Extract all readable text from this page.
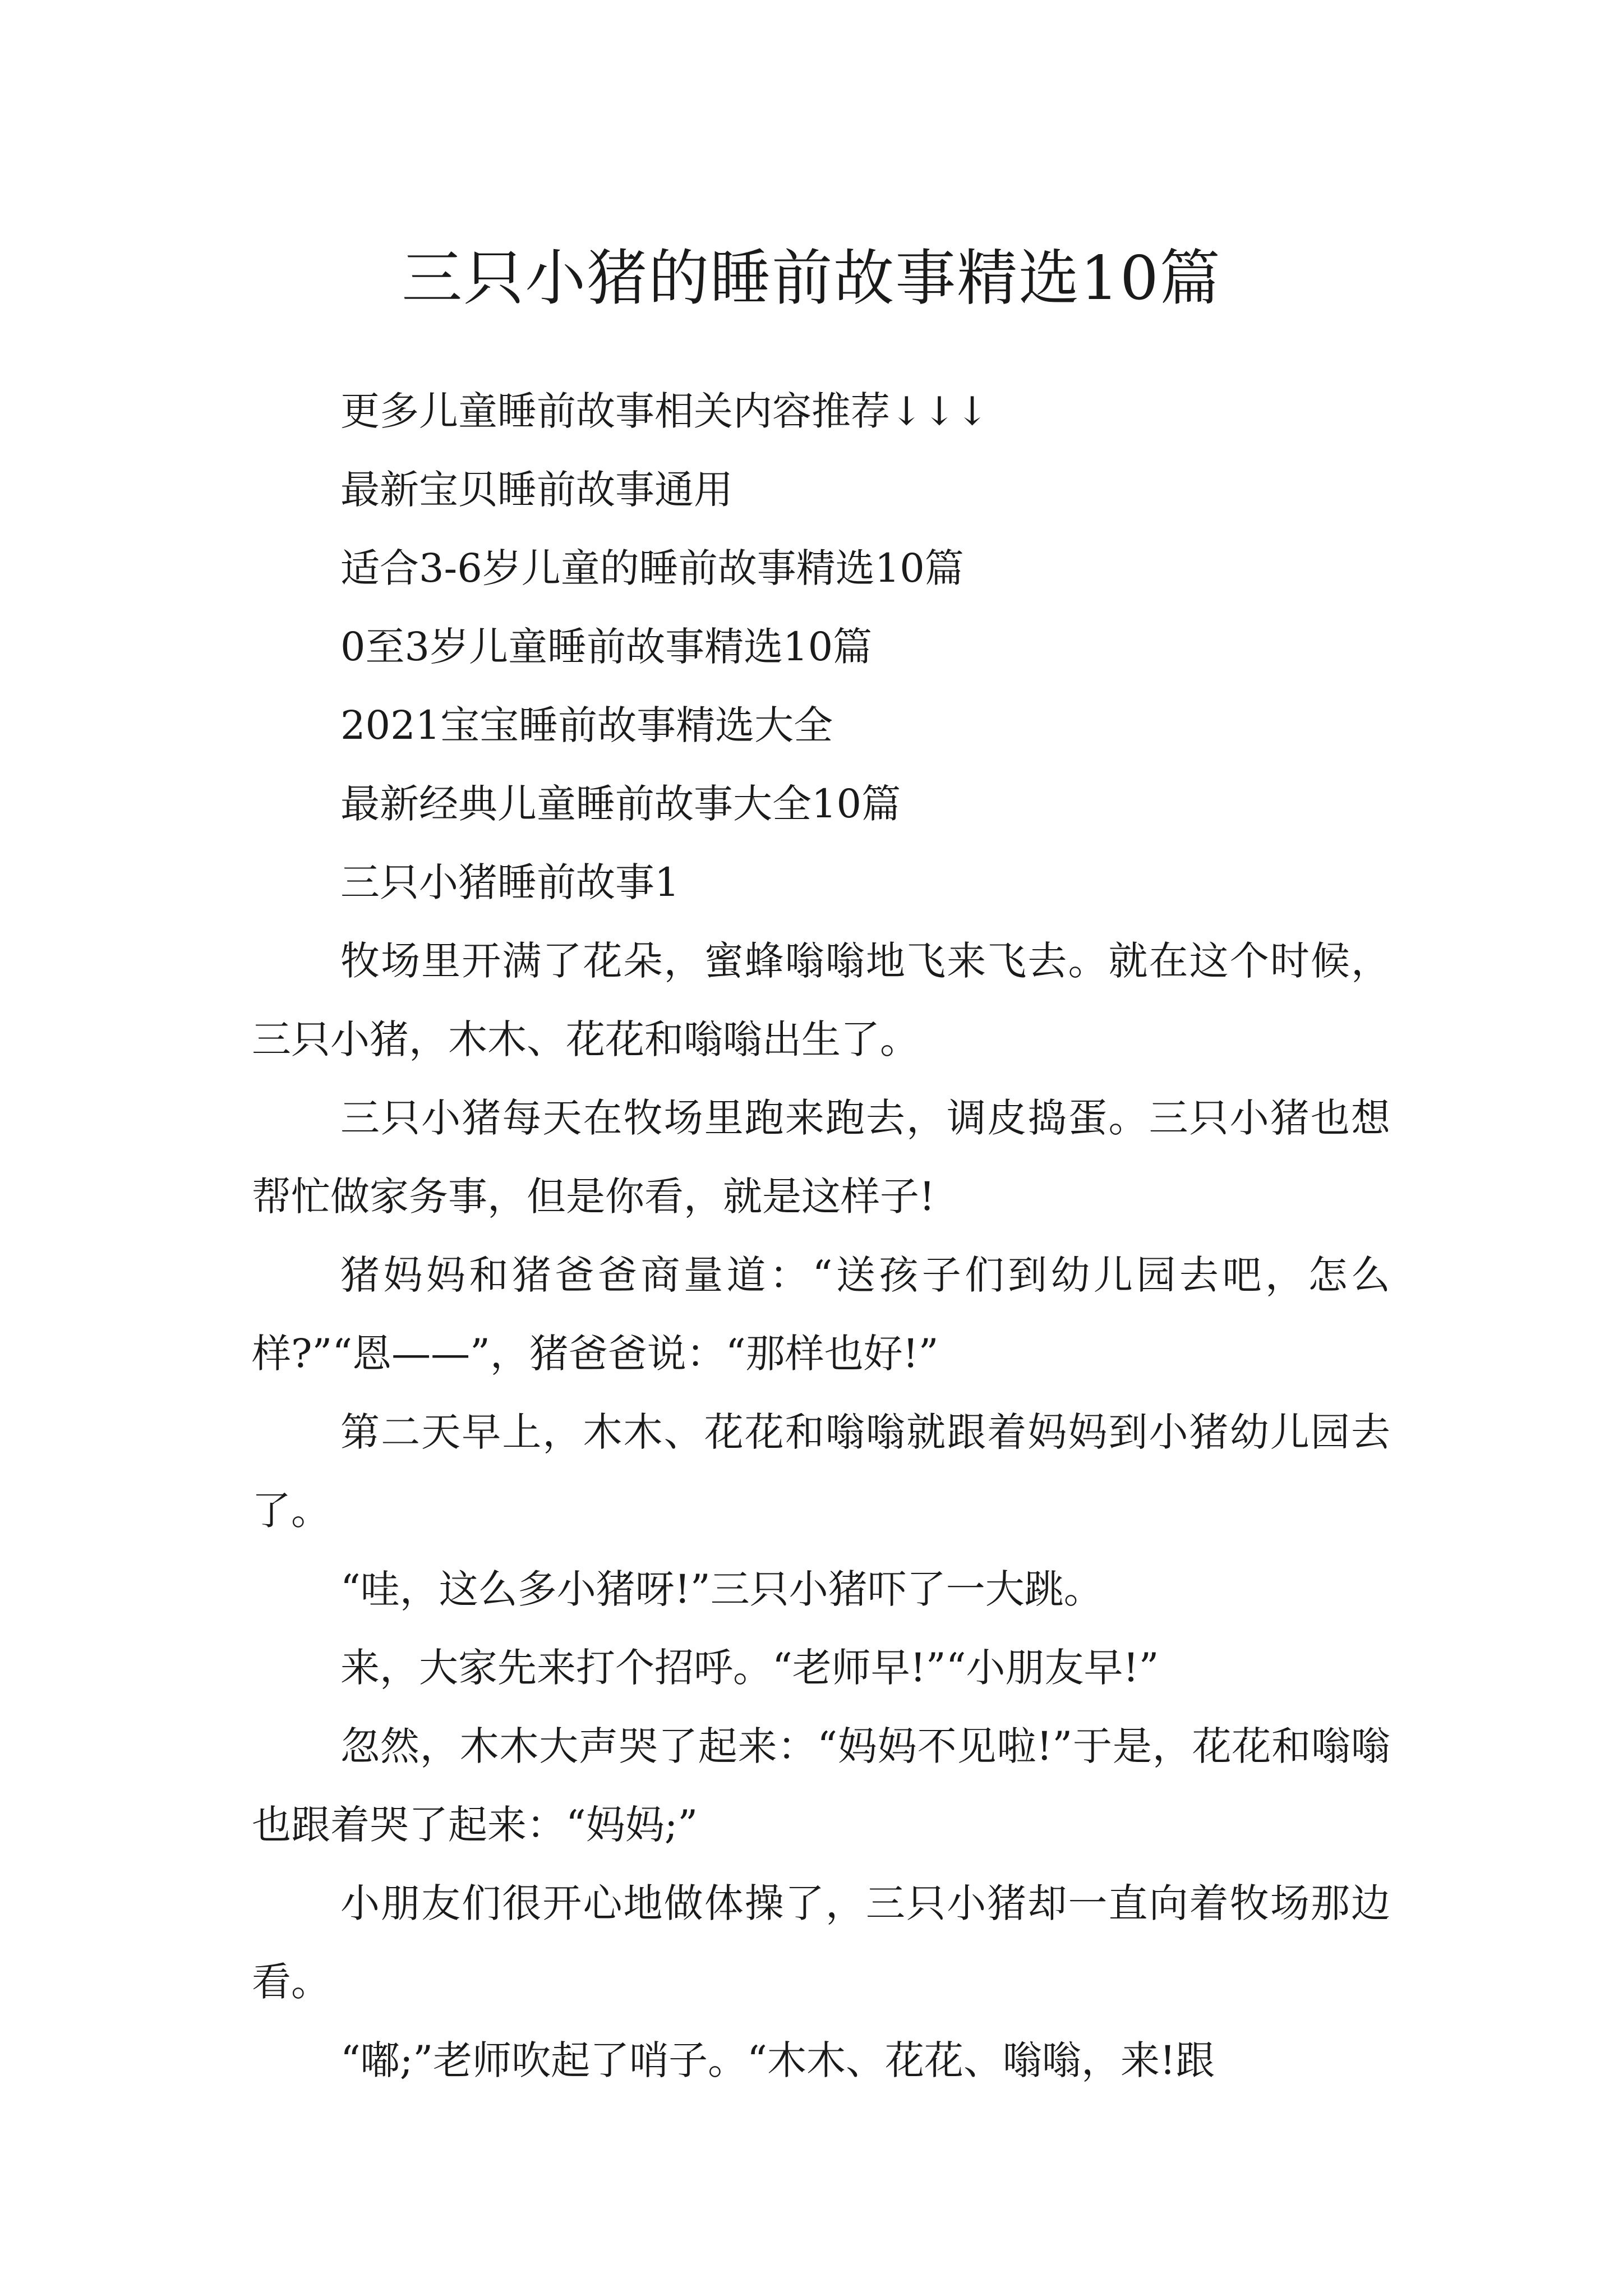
三只小猪的睡前故事精选10篇

更多儿童睡前故事相关内容推荐↓↓↓

最新宝贝睡前故事通用

适合3-6岁儿童的睡前故事精选10篇

0至3岁儿童睡前故事精选10篇

2021宝宝睡前故事精选大全

最新经典儿童睡前故事大全10篇

三只小猪睡前故事1

牧场里开满了花朵，蜜蜂嗡嗡地飞来飞去。就在这个时候，三只小猪，木木、花花和嗡嗡出生了。

三只小猪每天在牧场里跑来跑去，调皮捣蛋。三只小猪也想帮忙做家务事，但是你看，就是这样子!

猪妈妈和猪爸爸商量道：“送孩子们到幼儿园去吧，怎么样?”“恩——”，猪爸爸说：“那样也好!”

第二天早上，木木、花花和嗡嗡就跟着妈妈到小猪幼儿园去了。

“哇，这么多小猪呀!”三只小猪吓了一大跳。

来，大家先来打个招呼。“老师早!”“小朋友早!”

忽然，木木大声哭了起来：“妈妈不见啦!”于是，花花和嗡嗡也跟着哭了起来：“妈妈;”

小朋友们很开心地做体操了，三只小猪却一直向着牧场那边看。

“嘟;”老师吹起了哨子。“木木、花花、嗡嗡，来!跟
